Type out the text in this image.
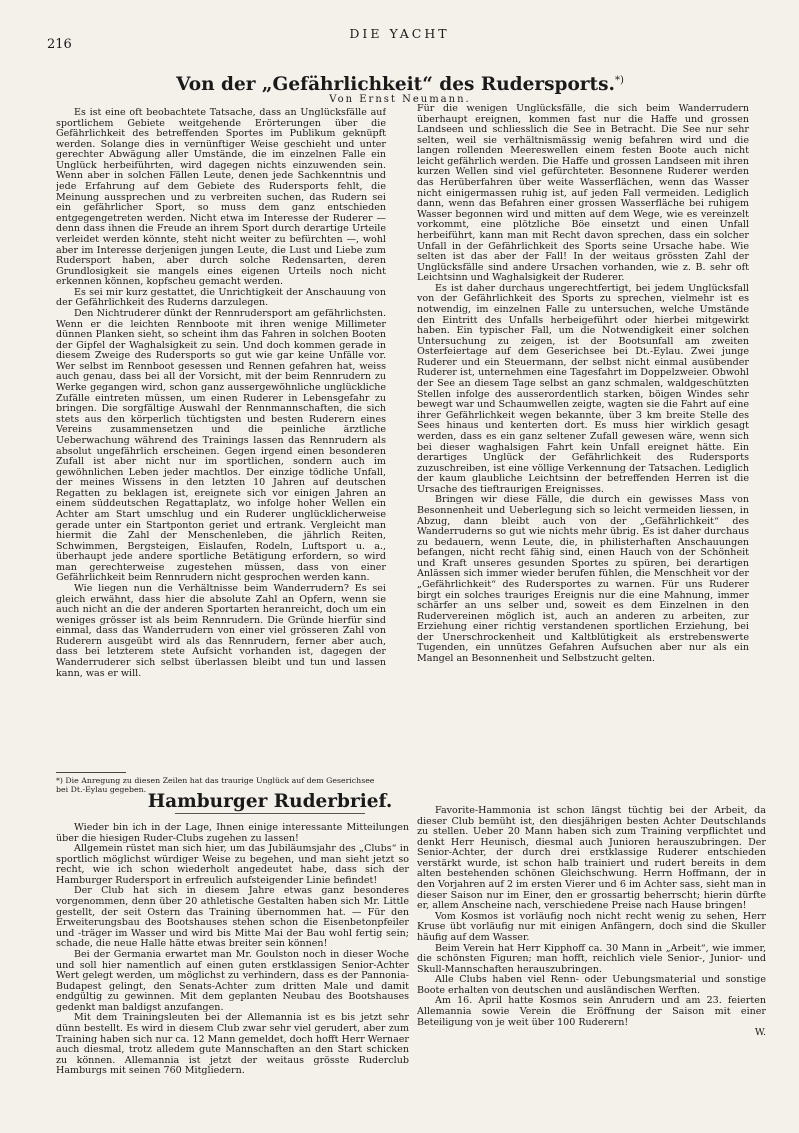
216
DIE YACHT
Von der „Gefährlichkeit“ des Rudersports.*)
Von Ernst Neumann.

Es ist eine oft beobachtete Tatsache, dass an Unglücksfälle auf sportlichem Gebiete weitgehende Erörterungen über die Gefährlichkeit des betreffenden Sportes im Publikum geknüpft werden. Solange dies in vernünftiger Weise geschieht und unter gerechter Abwägung aller Umstände, die im einzelnen Falle ein Unglück herbeiführten, wird dagegen nichts einzuwenden sein. Wenn aber in solchen Fällen Leute, denen jede Sachkenntnis und jede Erfahrung auf dem Gebiete des Rudersports fehlt, die Meinung aussprechen und zu verbreiten suchen, das Rudern sei ein gefährlicher Sport, so muss dem ganz entschieden entgegengetreten werden. Nicht etwa im Interesse der Ruderer — denn dass ihnen die Freude an ihrem Sport durch derartige Urteile verleidet werden könnte, steht nicht weiter zu befürchten —, wohl aber im Interesse derjenigen jungen Leute, die Lust und Liebe zum Rudersport haben, aber durch solche Redensarten, deren Grundlosigkeit sie mangels eines eigenen Urteils noch nicht erkennen können, kopfscheu gemacht werden.

Es sei mir kurz gestattet, die Unrichtigkeit der Anschauung von der Gefährlichkeit des Ruderns darzulegen.

Den Nichtruderer dünkt der Rennrudersport am gefährlichsten. Wenn er die leichten Rennboote mit ihren wenige Millimeter dünnen Planken sieht, so scheint ihm das Fahren in solchen Booten der Gipfel der Waghalsigkeit zu sein. Und doch kommen gerade in diesem Zweige des Rudersports so gut wie gar keine Unfälle vor. Wer selbst im Rennboot gesessen und Rennen gefahren hat, weiss auch genau, dass bei all der Vorsicht, mit der beim Rennrudern zu Werke gegangen wird, schon ganz aussergewöhnliche unglückliche Zufälle eintreten müssen, um einen Ruderer in Lebensgefahr zu bringen. Die sorgfältige Auswahl der Rennmannschaften, die sich stets aus den körperlich tüchtigsten und besten Ruderern eines Vereins zusammensetzen und die peinliche ärztliche Ueberwachung während des Trainings lassen das Rennrudern als absolut ungefährlich erscheinen. Gegen irgend einen besonderen Zufall ist aber nicht nur im sportlichen, sondern auch im gewöhnlichen Leben jeder machtlos. Der einzige tödliche Unfall, der meines Wissens in den letzten 10 Jahren auf deutschen Regatten zu beklagen ist, ereignete sich vor einigen Jahren an einem süddeutschen Regattaplatz, wo infolge hoher Wellen ein Achter am Start umschlug und ein Ruderer unglücklicherweise gerade unter ein Startponton geriet und ertrank. Vergleicht man hiermit die Zahl der Menschenleben, die jährlich Reiten, Schwimmen, Bergsteigen, Eislaufen, Rodeln, Luftsport u. a., überhaupt jede andere sportliche Betätigung erfordern, so wird man gerechterweise zugestehen müssen, dass von einer Gefährlichkeit beim Rennrudern nicht gesprochen werden kann.

Wie liegen nun die Verhältnisse beim Wanderrudern? Es sei gleich erwähnt, dass hier die absolute Zahl an Opfern, wenn sie auch nicht an die der anderen Sportarten heranreicht, doch um ein weniges grösser ist als beim Rennrudern. Die Gründe hierfür sind einmal, dass das Wanderrudern von einer viel grösseren Zahl von Ruderern ausgeübt wird als das Rennrudern, ferner aber auch, dass bei letzterem stete Aufsicht vorhanden ist, dagegen der Wanderruderer sich selbst überlassen bleibt und tun und lassen kann, was er will.

Für die wenigen Unglücksfälle, die sich beim Wanderrudern überhaupt ereignen, kommen fast nur die Haffe und grossen Landseen und schliesslich die See in Betracht. Die See nur sehr selten, weil sie verhältnismässig wenig befahren wird und die langen rollenden Meereswellen einem festen Boote auch nicht leicht gefährlich werden. Die Haffe und grossen Landseen mit ihren kurzen Wellen sind viel gefürchteter. Besonnene Ruderer werden das Herüberfahren über weite Wasserflächen, wenn das Wasser nicht einigermassen ruhig ist, auf jeden Fall vermeiden. Lediglich dann, wenn das Befahren einer grossen Wasserfläche bei ruhigem Wasser begonnen wird und mitten auf dem Wege, wie es vereinzelt vorkommt, eine plötzliche Böe einsetzt und einen Unfall herbeiführt, kann man mit Recht davon sprechen, dass ein solcher Unfall in der Gefährlichkeit des Sports seine Ursache habe. Wie selten ist das aber der Fall! In der weitaus grössten Zahl der Unglücksfälle sind andere Ursachen vorhanden, wie z. B. sehr oft Leichtsinn und Waghalsigkeit der Ruderer.

Es ist daher durchaus ungerechtfertigt, bei jedem Unglücksfall von der Gefährlichkeit des Sports zu sprechen, vielmehr ist es notwendig, im einzelnen Falle zu untersuchen, welche Umstände den Eintritt des Unfalls herbeigeführt oder hierbei mitgewirkt haben. Ein typischer Fall, um die Notwendigkeit einer solchen Untersuchung zu zeigen, ist der Bootsunfall am zweiten Osterfeiertage auf dem Geserichsee bei Dt.-Eylau. Zwei junge Ruderer und ein Steuermann, der selbst nicht einmal ausübender Ruderer ist, unternehmen eine Tagesfahrt im Doppelzweier. Obwohl der See an diesem Tage selbst an ganz schmalen, waldgeschützten Stellen infolge des ausserordentlich starken, böigen Windes sehr bewegt war und Schaumwellen zeigte, wagten sie die Fahrt auf eine ihrer Gefährlichkeit wegen bekannte, über 3 km breite Stelle des Sees hinaus und kenterten dort. Es muss hier wirklich gesagt werden, dass es ein ganz seltener Zufall gewesen wäre, wenn sich bei dieser waghalsigen Fahrt kein Unfall ereignet hätte. Ein derartiges Unglück der Gefährlichkeit des Rudersports zuzuschreiben, ist eine völlige Verkennung der Tatsachen. Lediglich der kaum glaubliche Leichtsinn der betreffenden Herren ist die Ursache des tieftraurigen Ereignisses.

Bringen wir diese Fälle, die durch ein gewisses Mass von Besonnenheit und Ueberlegung sich so leicht vermeiden liessen, in Abzug, dann bleibt auch von der „Gefährlichkeit“ des Wanderruderns so gut wie nichts mehr übrig. Es ist daher durchaus zu bedauern, wenn Leute, die, in philisterhaften Anschauungen befangen, nicht recht fähig sind, einen Hauch von der Schönheit und Kraft unseres gesunden Sportes zu spüren, bei derartigen Anlässen sich immer wieder berufen fühlen, die Menschheit vor der „Gefährlichkeit“ des Rudersportes zu warnen. Für uns Ruderer birgt ein solches trauriges Ereignis nur die eine Mahnung, immer schärfer an uns selber und, soweit es dem Einzelnen in den Rudervereinen möglich ist, auch an anderen zu arbeiten, zur Erziehung einer richtig verstandenen sportlichen Erziehung, bei der Unerschrockenheit und Kaltblütigkeit als erstrebenswerte Tugenden, ein unnützes Gefahren Aufsuchen aber nur als ein Mangel an Besonnenheit und Selbstzucht gelten.

*) Die Anregung zu diesen Zeilen hat das traurige Unglück auf dem Geserichsee bei Dt.-Eylau gegeben.
Hamburger Ruderbrief.

Wieder bin ich in der Lage, Ihnen einige interessante Mitteilungen über die hiesigen Ruder-Clubs zugehen zu lassen!

Allgemein rüstet man sich hier, um das Jubiläumsjahr des „Clubs“ in sportlich möglichst würdiger Weise zu begehen, und man sieht jetzt so recht, wie ich schon wiederholt angedeutet habe, dass sich der Hamburger Rudersport in erfreulich aufsteigender Linie befindet!

Der Club hat sich in diesem Jahre etwas ganz besonderes vorgenommen, denn über 20 athletische Gestalten haben sich Mr. Little gestellt, der seit Ostern das Training übernommen hat. — Für den Erweiterungsbau des Bootshauses stehen schon die Eisenbetonpfeiler und -träger im Wasser und wird bis Mitte Mai der Bau wohl fertig sein; schade, die neue Halle hätte etwas breiter sein können!

Bei der Germania erwartet man Mr. Goulston noch in dieser Woche und soll hier namentlich auf einen guten erstklassigen Senior-Achter Wert gelegt werden, um möglichst zu verhindern, dass es der Pannonia-Budapest gelingt, den Senats-Achter zum dritten Male und damit endgültig zu gewinnen. Mit dem geplanten Neubau des Bootshauses gedenkt man baldigst anzufangen.

Mit dem Trainingsleuten bei der Allemannia ist es bis jetzt sehr dünn bestellt. Es wird in diesem Club zwar sehr viel gerudert, aber zum Training haben sich nur ca. 12 Mann gemeldet, doch hofft Herr Wernaer auch diesmal, trotz alledem gute Mannschaften an den Start schicken zu können. Allemannia ist jetzt der weitaus grösste Ruderclub Hamburgs mit seinen 760 Mitgliedern.

Favorite-Hammonia ist schon längst tüchtig bei der Arbeit, da dieser Club bemüht ist, den diesjährigen besten Achter Deutschlands zu stellen. Ueber 20 Mann haben sich zum Training verpflichtet und denkt Herr Heunisch, diesmal auch Junioren herauszubringen. Der Senior-Achter, der durch drei erstklassige Ruderer entschieden verstärkt wurde, ist schon halb trainiert und rudert bereits in dem alten bestehenden schönen Gleichschwung. Herrn Hoffmann, der in den Vorjahren auf 2 im ersten Vierer und 6 im Achter sass, sieht man in dieser Saison nur im Einer, den er grossartig beherrscht; hierin dürfte er, allem Anscheine nach, verschiedene Preise nach Hause bringen!

Vom Kosmos ist vorläufig noch nicht recht wenig zu sehen, Herr Kruse übt vorläufig nur mit einigen Anfängern, doch sind die Skuller häufig auf dem Wasser.

Beim Verein hat Herr Kipphoff ca. 30 Mann in „Arbeit“, wie immer, die schönsten Figuren; man hofft, reichlich viele Senior-, Junior- und Skull-Mannschaften herauszubringen.

Alle Clubs haben viel Renn- oder Uebungsmaterial und sonstige Boote erhalten von deutschen und ausländischen Werften.

Am 16. April hatte Kosmos sein Anrudern und am 23. feierten Allemannia sowie Verein die Eröffnung der Saison mit einer Beteiligung von je weit über 100 Ruderern!

W.
